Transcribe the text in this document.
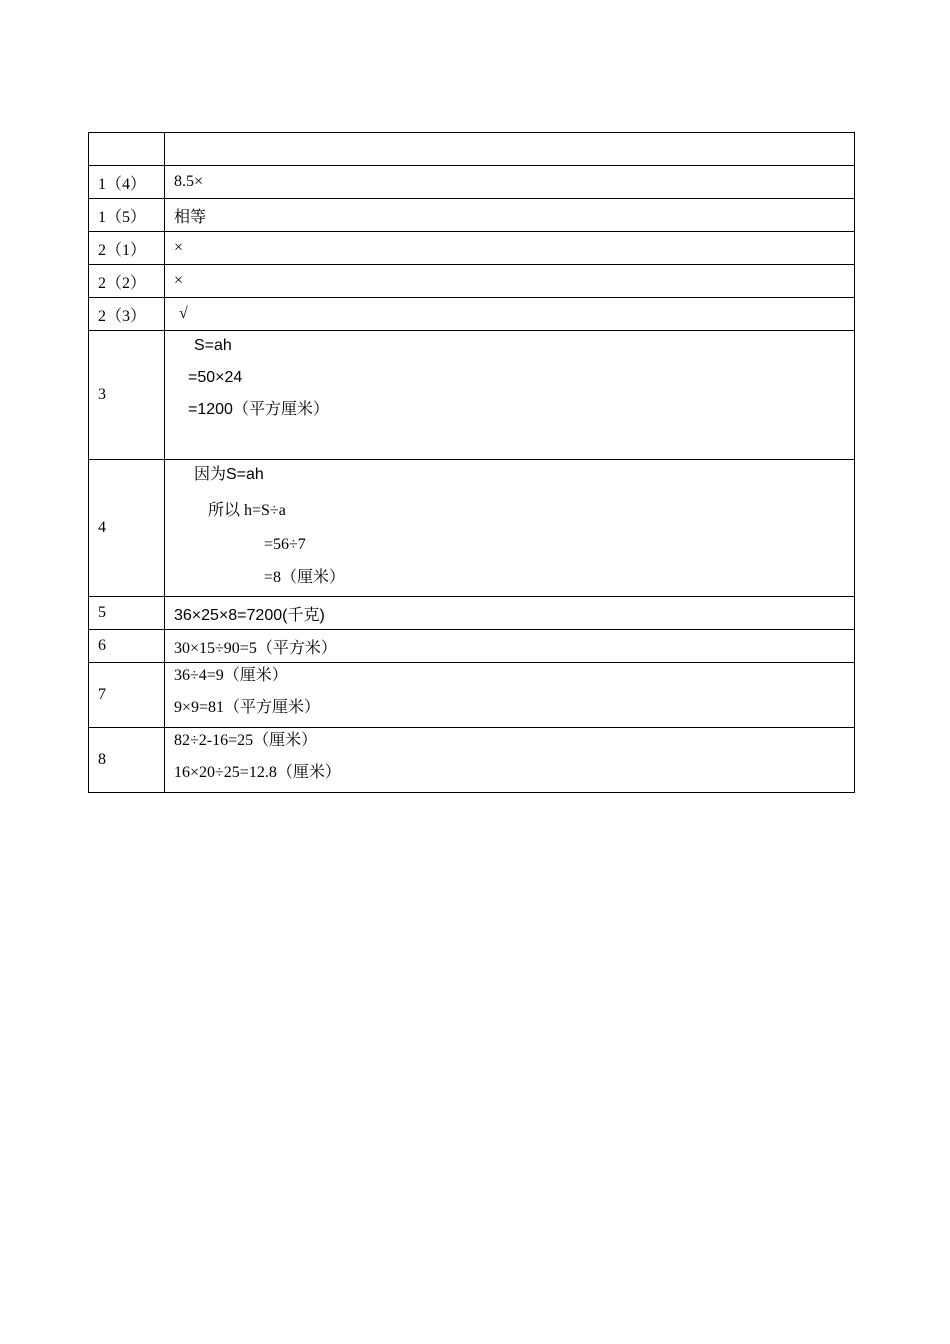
1（4）	8.5×
1（5）	相等
2（1）	×
2（2）	×
2（3）	√
3	S=ah
=50×24
=1200（平方厘米）

4	因为S=ah
所以 h=S÷a
=56÷7
=8（厘米）

5	36×25×8=7200(千克)
6	30×15÷90=5（平方米）
7	36÷4=9（厘米）
9×9=81（平方厘米）

8	82÷2-16=25（厘米）
16×20÷25=12.8（厘米）
